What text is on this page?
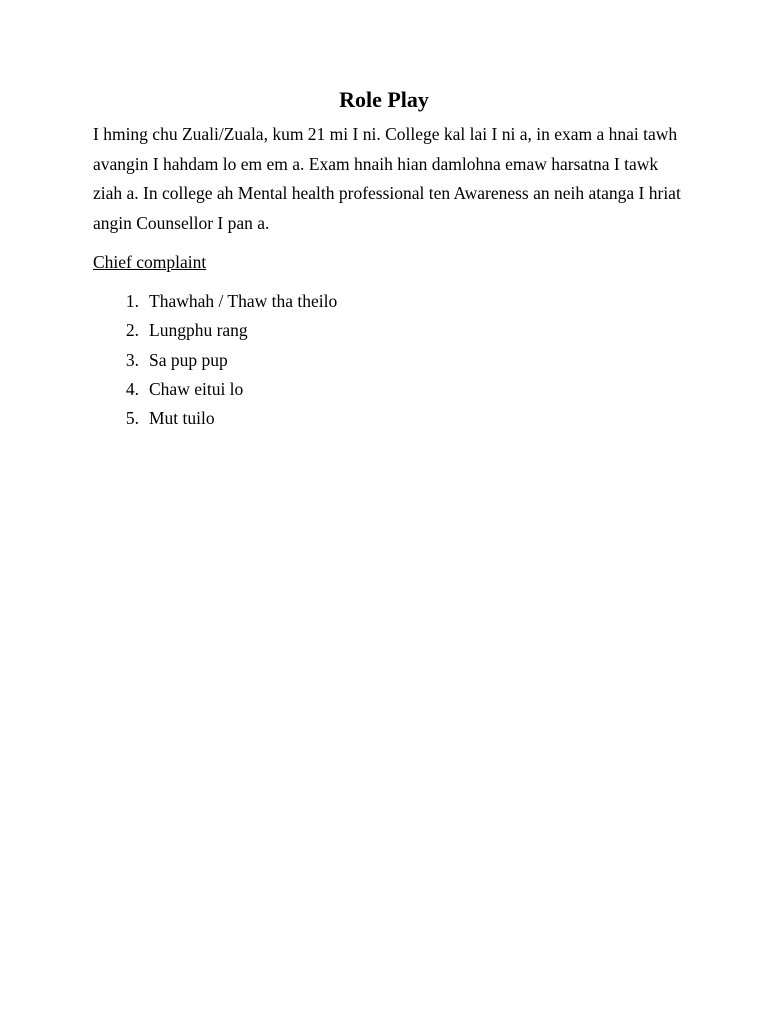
Role Play

I hming chu Zuali/Zuala, kum 21 mi I ni. College kal lai I ni a, in exam a hnai tawh avangin I hahdam lo em em a. Exam hnaih hian damlohna emaw harsatna I tawk ziah a. In college ah Mental health professional ten Awareness an neih atanga I hriat angin Counsellor I pan a.

Chief complaint

1. Thawhah / Thaw tha theilo
2. Lungphu rang
3. Sa pup pup
4. Chaw eitui lo
5. Mut tuilo
